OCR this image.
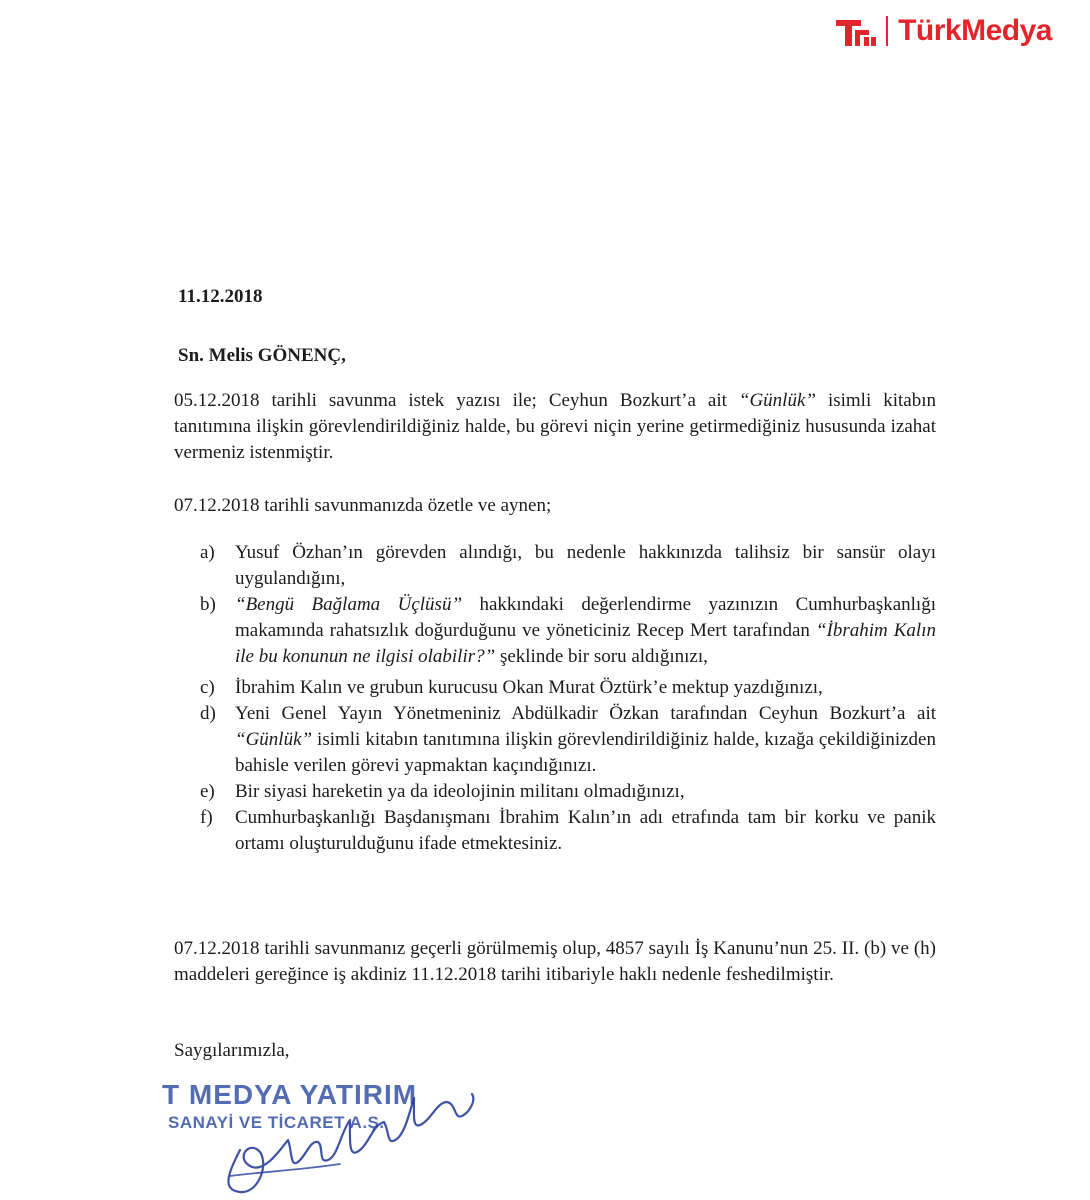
TürkMedya
11.12.2018
Sn. Melis GÖNENÇ,
05.12.2018 tarihli savunma istek yazısı ile; Ceyhun Bozkurt’a ait “Günlük” isimli kitabın tanıtımına ilişkin görevlendirildiğiniz halde, bu görevi niçin yerine getirmediğiniz hususunda izahat vermeniz istenmiştir.
07.12.2018 tarihli savunmanızda özetle ve aynen;
a) Yusuf Özhan’ın görevden alındığı, bu nedenle hakkınızda talihsiz bir sansür olayı uygulandığını,
b) “Bengü Bağlama Üçlüsü” hakkındaki değerlendirme yazınızın Cumhurbaşkanlığı makamında rahatsızlık doğurduğunu ve yöneticiniz Recep Mert tarafından “İbrahim Kalın ile bu konunun ne ilgisi olabilir?” şeklinde bir soru aldığınızı,
c) İbrahim Kalın ve grubun kurucusu Okan Murat Öztürk’e mektup yazdığınızı,
d) Yeni Genel Yayın Yönetmeniniz Abdülkadir Özkan tarafından Ceyhun Bozkurt’a ait “Günlük” isimli kitabın tanıtımına ilişkin görevlendirildiğiniz halde, kızağa çekildiğinizden bahisle verilen görevi yapmaktan kaçındığınızı.
e) Bir siyasi hareketin ya da ideolojinin militanı olmadığınızı,
f) Cumhurbaşkanlığı Başdanışmanı İbrahim Kalın’ın adı etrafında tam bir korku ve panik ortamı oluşturulduğunu ifade etmektesiniz.
07.12.2018 tarihli savunmanız geçerli görülmemiş olup, 4857 sayılı İş Kanunu’nun 25. II. (b) ve (h) maddeleri gereğince iş akdiniz 11.12.2018 tarihi itibariyle haklı nedenle feshedilmiştir.
Saygılarımızla,
T MEDYA YATIRIM
SANAYİ VE TİCARET A.Ş.
